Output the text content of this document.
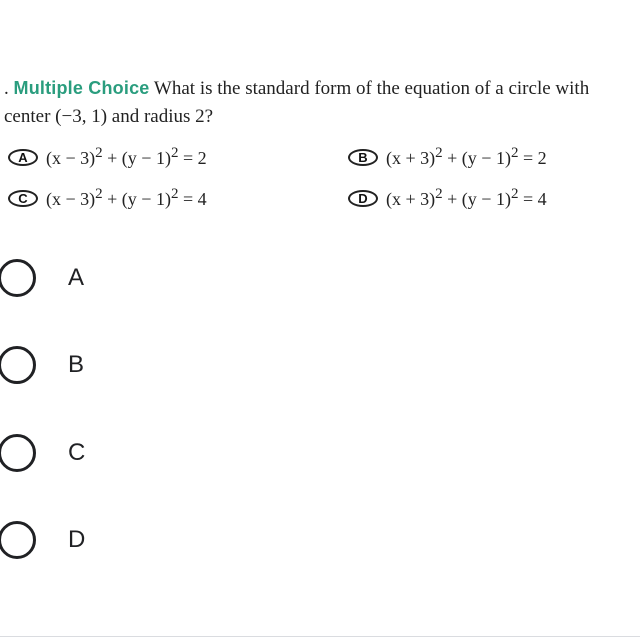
. Multiple Choice What is the standard form of the equation of a circle with center (−3, 1) and radius 2?
A	$(x - 3)^2 + (y - 1)^2 = 2$	B	$(x + 3)^2 + (y - 1)^2 = 2$
C	$(x - 3)^2 + (y - 1)^2 = 4$	D	$(x + 3)^2 + (y - 1)^2 = 4$
A
B
C
D
